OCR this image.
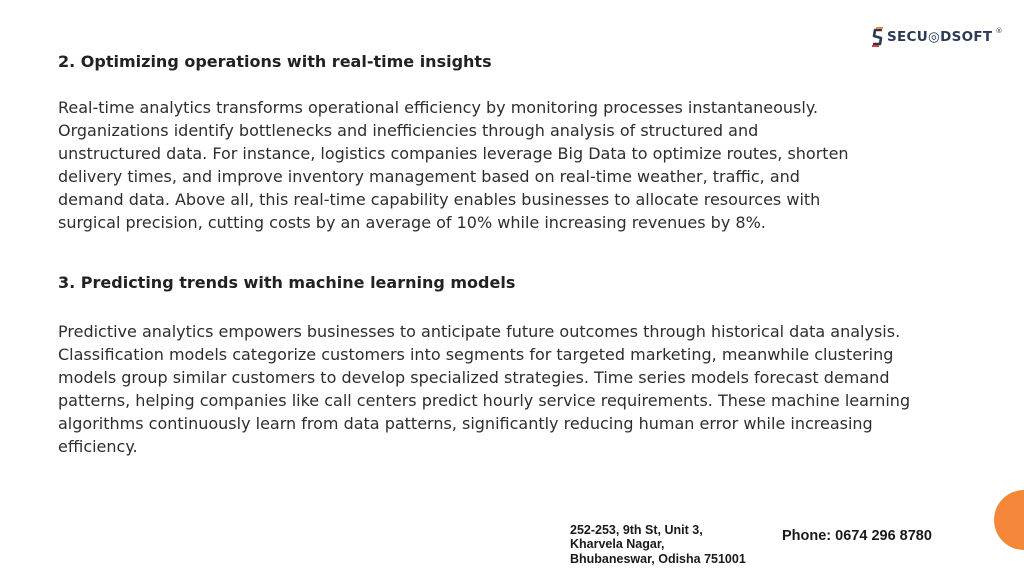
SECU◎DSOFT ®
2. Optimizing operations with real-time insights

Real-time analytics transforms operational efficiency by monitoring processes instantaneously.
Organizations identify bottlenecks and inefficiencies through analysis of structured and
unstructured data. For instance, logistics companies leverage Big Data to optimize routes, shorten
delivery times, and improve inventory management based on real-time weather, traffic, and
demand data. Above all, this real-time capability enables businesses to allocate resources with
surgical precision, cutting costs by an average of 10% while increasing revenues by 8%.

3. Predicting trends with machine learning models

Predictive analytics empowers businesses to anticipate future outcomes through historical data analysis.
Classification models categorize customers into segments for targeted marketing, meanwhile clustering
models group similar customers to develop specialized strategies. Time series models forecast demand
patterns, helping companies like call centers predict hourly service requirements. These machine learning
algorithms continuously learn from data patterns, significantly reducing human error while increasing
efficiency.

252-253, 9th St, Unit 3,
Kharvela Nagar,
Bhubaneswar, Odisha 751001
Phone: 0674 296 8780
